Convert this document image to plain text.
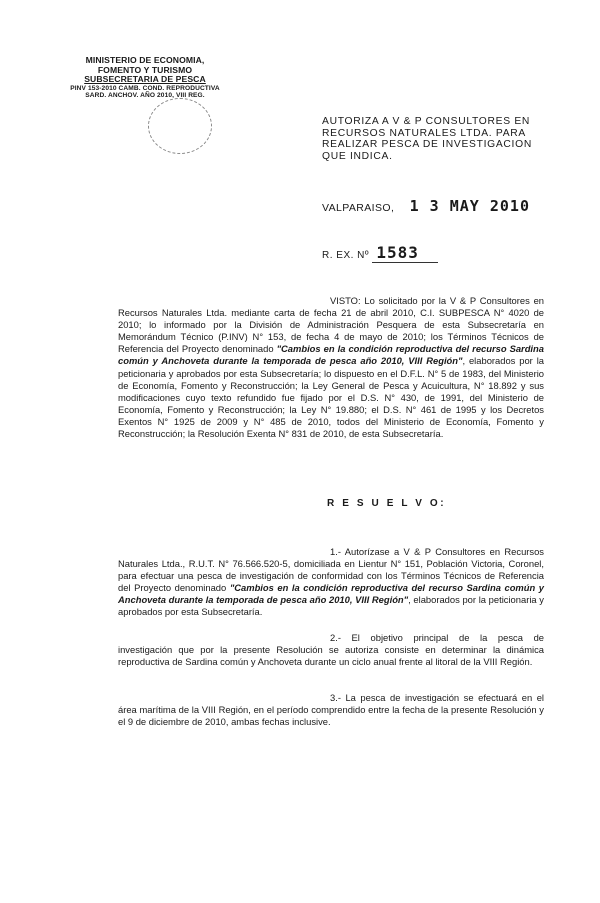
MINISTERIO DE ECONOMIA,
FOMENTO Y TURISMO
SUBSECRETARIA DE PESCA
PINV 153-2010 CAMB. COND. REPRODUCTIVA
SARD. ANCHOV. AÑO 2010, VIII REG.
AUTORIZA A V & P CONSULTORES EN RECURSOS NATURALES LTDA. PARA REALIZAR PESCA DE INVESTIGACION QUE INDICA.
VALPARAISO, 1 3 MAY 2010
R. EX. Nº 1583

VISTO: Lo solicitado por la V & P Consultores en Recursos Naturales Ltda. mediante carta de fecha 21 de abril 2010, C.I. SUBPESCA N° 4020 de 2010; lo informado por la División de Administración Pesquera de esta Subsecretaría en Memorándum Técnico (P.INV) N° 153, de fecha 4 de mayo de 2010; los Términos Técnicos de Referencia del Proyecto denominado "Cambios en la condición reproductiva del recurso Sardina común y Anchoveta durante la temporada de pesca año 2010, VIII Región", elaborados por la peticionaria y aprobados por esta Subsecretaría; lo dispuesto en el D.F.L. N° 5 de 1983, del Ministerio de Economía, Fomento y Reconstrucción; la Ley General de Pesca y Acuicultura, N° 18.892 y sus modificaciones cuyo texto refundido fue fijado por el D.S. N° 430, de 1991, del Ministerio de Economía, Fomento y Reconstrucción; la Ley N° 19.880; el D.S. N° 461 de 1995 y los Decretos Exentos N° 1925 de 2009 y N° 485 de 2010, todos del Ministerio de Economía, Fomento y Reconstrucción; la Resolución Exenta N° 831 de 2010, de esta Subsecretaría.

R E S U E L V O:

1.- Autorízase a V & P Consultores en Recursos Naturales Ltda., R.U.T. N° 76.566.520-5, domiciliada en Lientur N° 151, Población Victoria, Coronel, para efectuar una pesca de investigación de conformidad con los Términos Técnicos de Referencia del Proyecto denominado "Cambios en la condición reproductiva del recurso Sardina común y Anchoveta durante la temporada de pesca año 2010, VIII Región", elaborados por la peticionaria y aprobados por esta Subsecretaría.

2.- El objetivo principal de la pesca de investigación que por la presente Resolución se autoriza consiste en determinar la dinámica reproductiva de Sardina común y Anchoveta durante un ciclo anual frente al litoral de la VIII Región.

3.- La pesca de investigación se efectuará en el área marítima de la VIII Región, en el período comprendido entre la fecha de la presente Resolución y el 9 de diciembre de 2010, ambas fechas inclusive.
